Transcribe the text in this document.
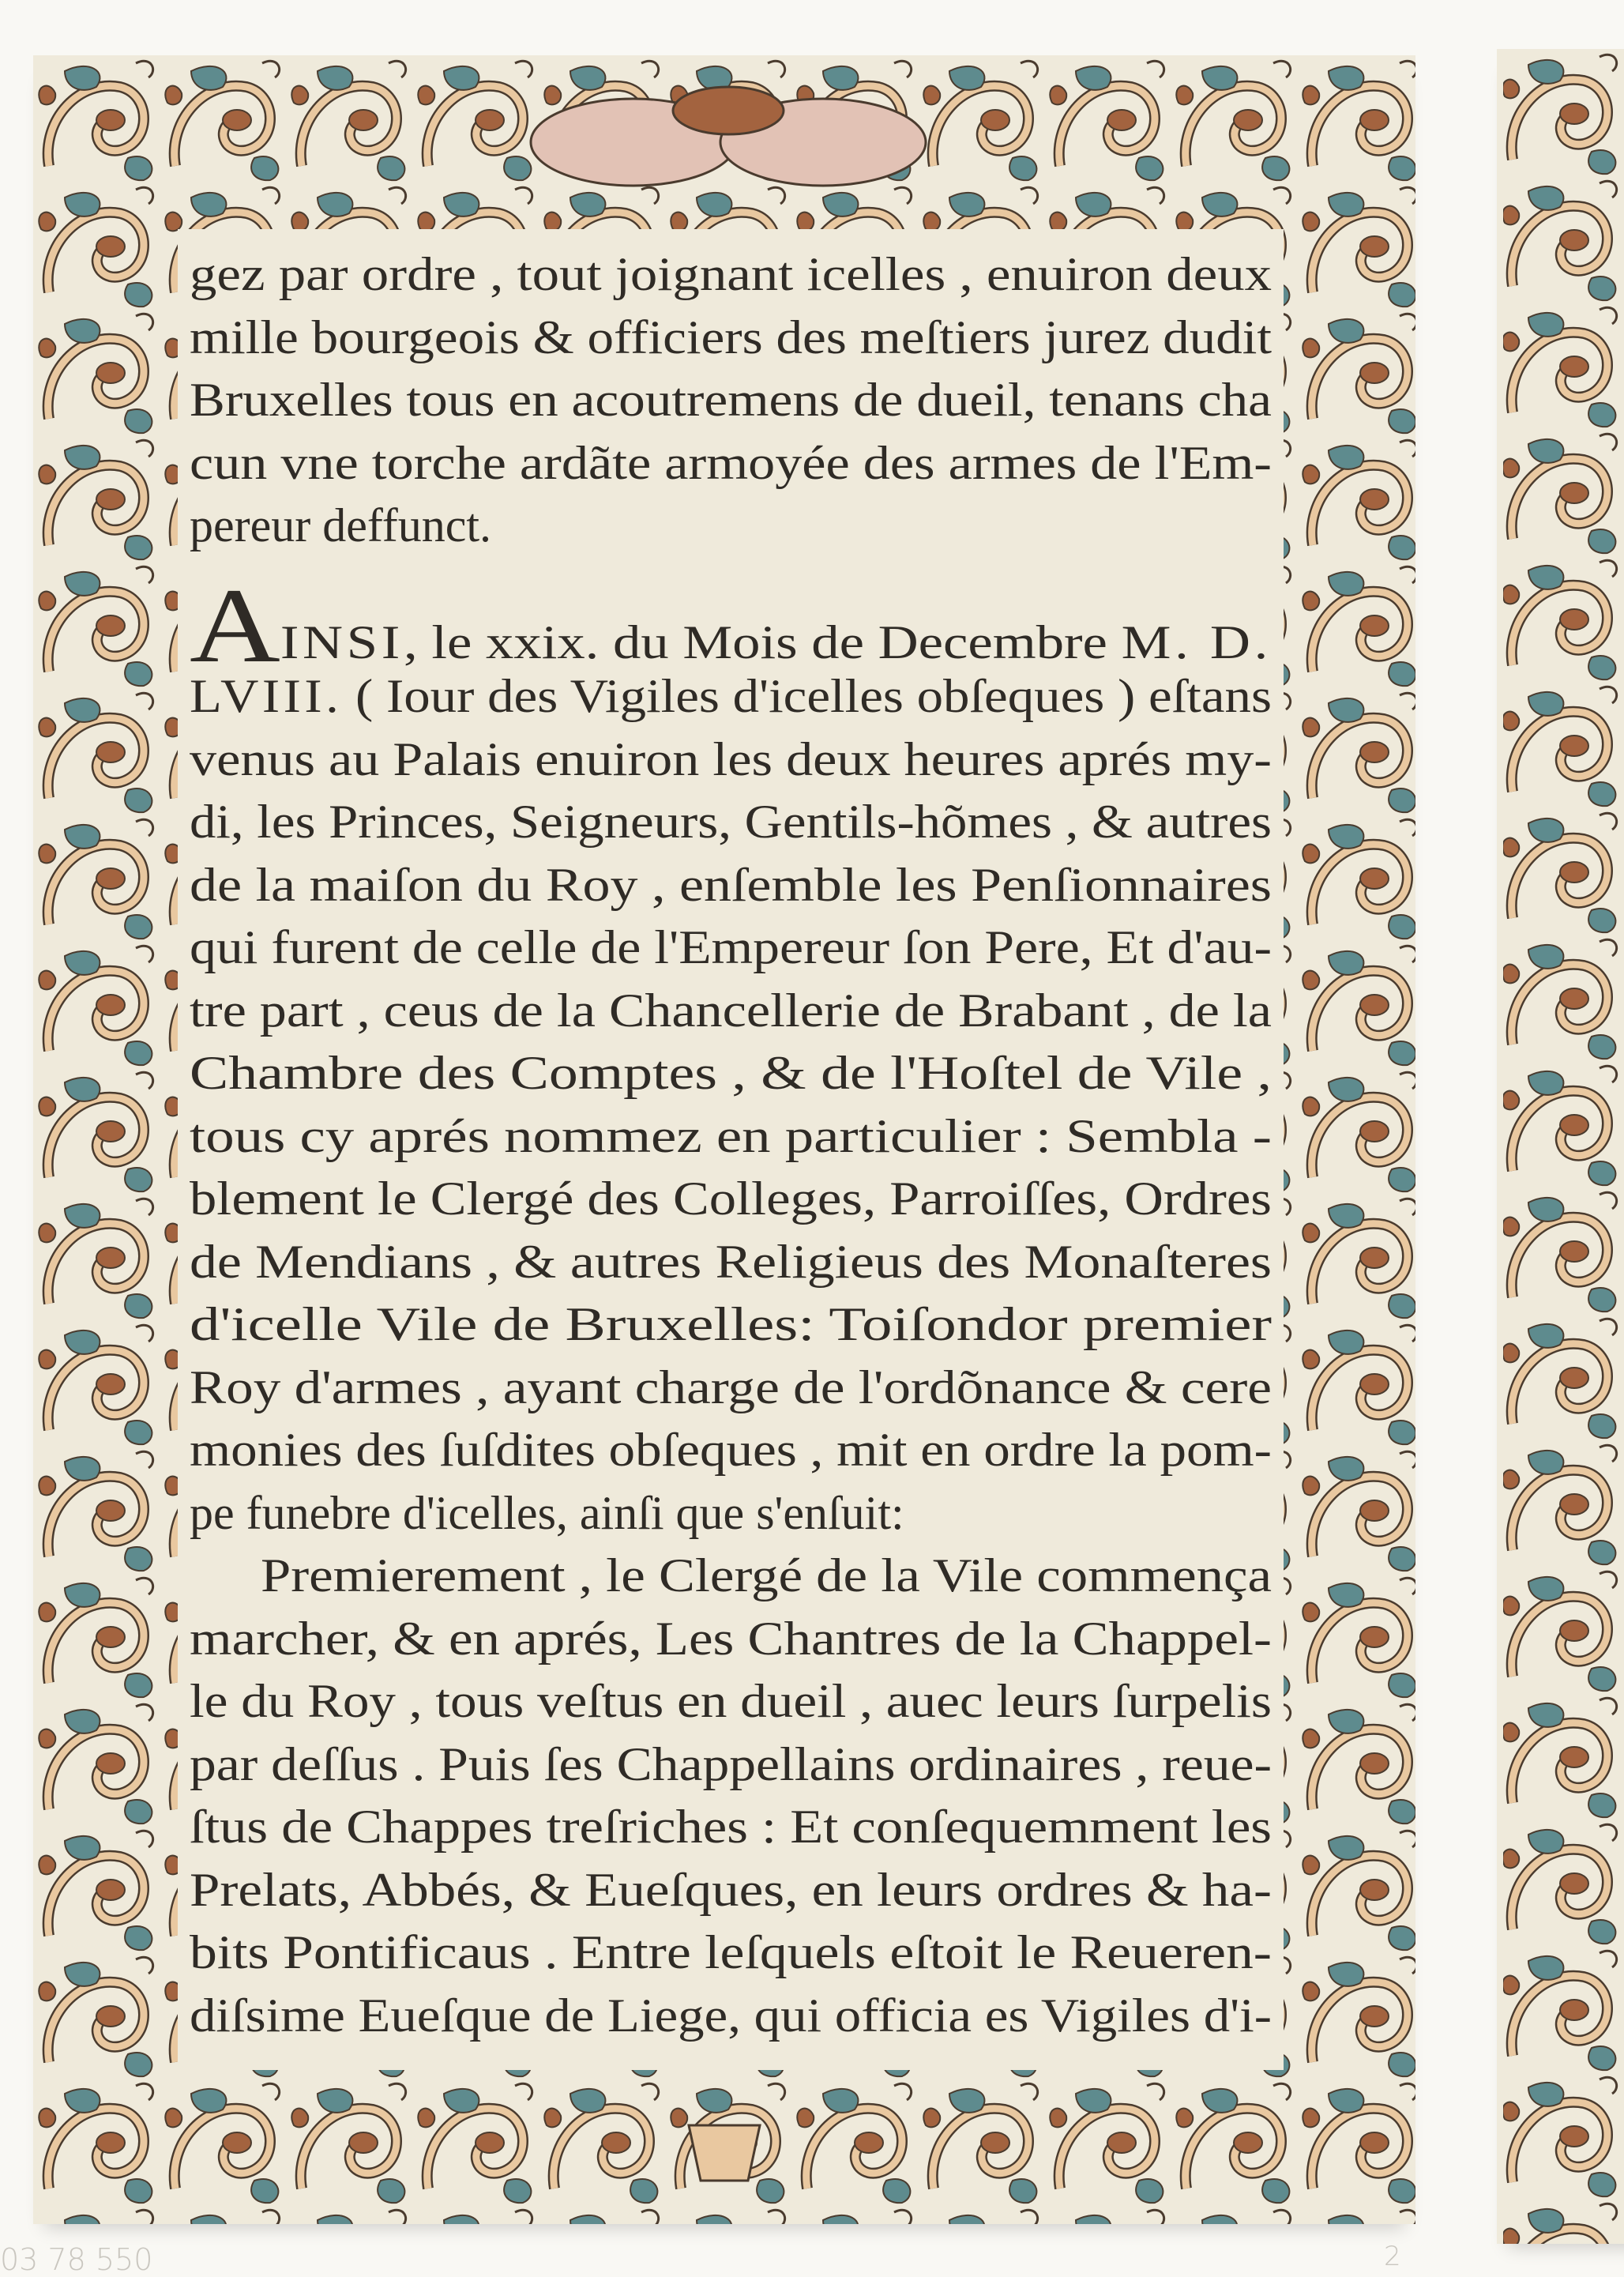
gez par ordre , tout joignant icelles , enuiron deux
mille bourgeois & officiers des meſtiers jurez dudit
Bruxelles tous en acoutremens de dueil, tenans cha
cun vne torche ardãte armoyée des armes de l'Em-
pereur deffunct.
AINSI, le xxix. du Mois de Decembre M. D.
LVIII. ( Iour des Vigiles d'icelles obſeques ) eſtans
venus au Palais enuiron les deux heures aprés my-
di, les Princes, Seigneurs, Gentils-hõmes , & autres
de la maiſon du Roy , enſemble les Penſionnaires
qui furent de celle de l'Empereur ſon Pere, Et d'au-
tre part , ceus de la Chancellerie de Brabant , de la
Chambre des Comptes , & de l'Hoſtel de Vile ,
tous cy aprés nommez en particulier : Sembla -
blement le Clergé des Colleges, Parroiſſes, Ordres
de Mendians , & autres Religieus des Monaſteres
d'icelle Vile de Bruxelles: Toiſondor premier
Roy d'armes , ayant charge de l'ordõnance & cere
monies des ſuſdites obſeques , mit en ordre la pom-
pe funebre d'icelles, ainſi que s'enſuit:
Premierement , le Clergé de la Vile commença
marcher, & en aprés, Les Chantres de la Chappel-
le du Roy , tous veſtus en dueil , auec leurs ſurpelis
par deſſus . Puis ſes Chappellains ordinaires , reue-
ſtus de Chappes treſriches : Et conſequemment les
Prelats, Abbés, & Eueſques, en leurs ordres & ha-
bits Pontificaus . Entre leſquels eſtoit le Reueren-
diſsime Eueſque de Liege, qui officia es Vigiles d'i-
03 78 550	2
